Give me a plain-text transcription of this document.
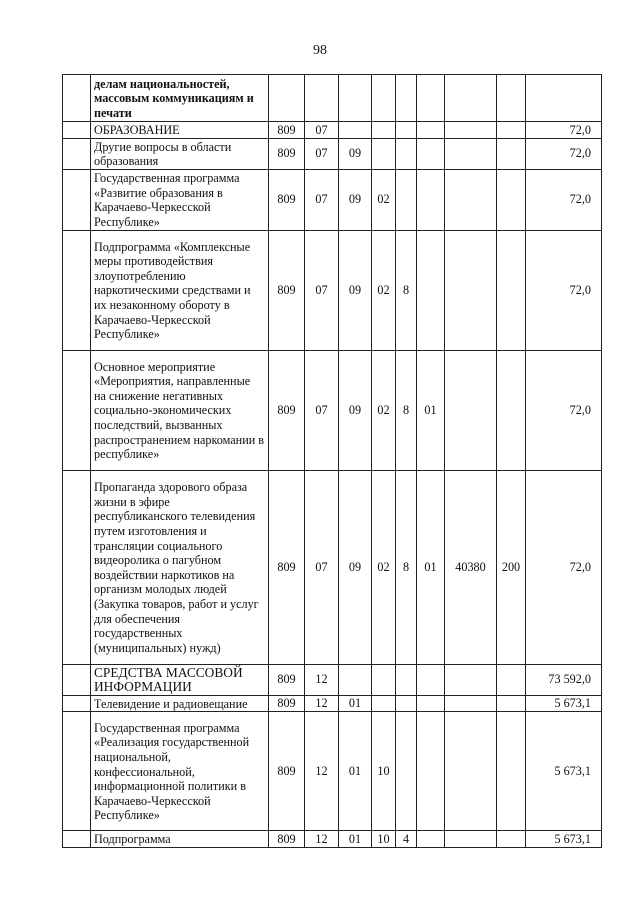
98
	делам национальностей, массовым коммуникациям и печати									
	ОБРАЗОВАНИЕ	809	07							72,0
	Другие вопросы в области образования	809	07	09						72,0
	Государственная программа «Развитие образования в Карачаево-Черкесской Республике»	809	07	09	02					72,0
	Подпрограмма «Комплексные меры противодействия злоупотреблению наркотическими средствами и их незаконному обороту в Карачаево-Черкесской Республике»	809	07	09	02	8				72,0
	Основное мероприятие «Мероприятия, направленные на снижение негативных социально-экономических последствий, вызванных распространением наркомании в республике»	809	07	09	02	8	01			72,0
	Пропаганда здорового образа жизни в эфире республиканского телевидения путем изготовления и трансляции социального видеоролика о пагубном воздействии наркотиков на организм молодых людей (Закупка товаров, работ и услуг для обеспечения государственных (муниципальных) нужд)	809	07	09	02	8	01	40380	200	72,0
	СРЕДСТВА МАССОВОЙ ИНФОРМАЦИИ	809	12							73 592,0
	Телевидение и радиовещание	809	12	01						5 673,1
	Государственная программа «Реализация государственной национальной, конфессиональной, информационной политики в Карачаево-Черкесской Республике»	809	12	01	10					5 673,1
	Подпрограмма	809	12	01	10	4				5 673,1
